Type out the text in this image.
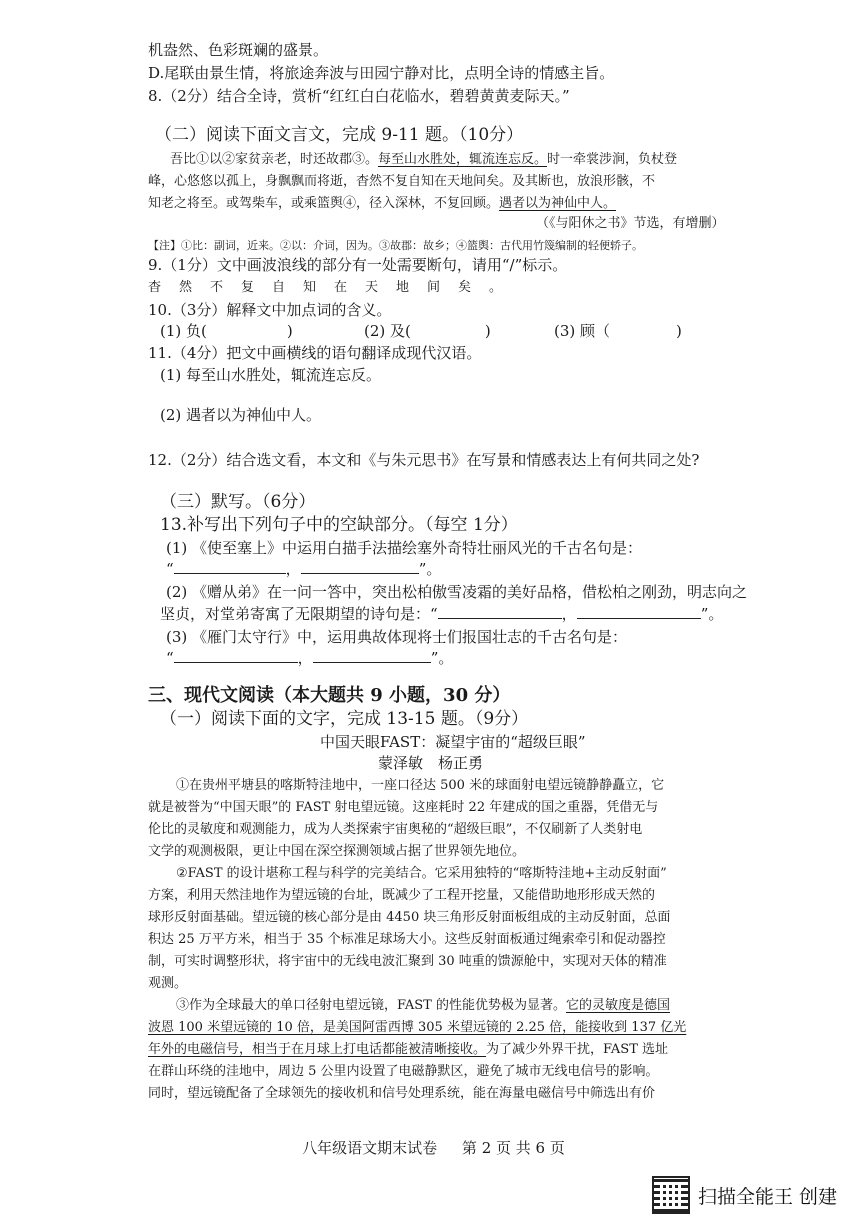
机盎然、色彩斑斓的盛景。
D.尾联由景生情，将旅途奔波与田园宁静对比，点明全诗的情感主旨。
8.（2分）结合全诗，赏析“红红白白花临水，碧碧黄黄麦际天。”
（二）阅读下面文言文，完成 9-11 题。（10分）
吾比①以②家贫亲老，时还故郡③。每至山水胜处，辄流连忘反。时一牵裳涉涧，负杖登
峰，心悠悠以孤上，身飘飘而将逝，杳然不复自知在天地间矣。及其断也，放浪形骸，不
知老之将至。或驾柴车，或乘篮舆④，径入深林，不复回顾。遇者以为神仙中人。
（《与阳休之书》节选，有增删）
【注】①比：副词，近来。②以：介词，因为。③故郡：故乡；④篮舆：古代用竹篾编制的轻便轿子。
9.（1分）文中画波浪线的部分有一处需要断句，请用“/”标示。
杳然不复自知在天地间矣。
10.（3分）解释文中加点词的含义。
(1) 负(	)	(2) 及(	)	(3) 顾（	)
11.（4分）把文中画横线的语句翻译成现代汉语。
(1) 每至山水胜处，辄流连忘反。
(2) 遇者以为神仙中人。
12.（2分）结合选文看，本文和《与朱元思书》在写景和情感表达上有何共同之处?
（三）默写。（6分）
13.补写出下列句子中的空缺部分。（每空 1分）
(1) 《使至塞上》中运用白描手法描绘塞外奇特壮丽风光的千古名句是：
“	，	”。
(2) 《赠从弟》在一问一答中，突出松柏傲雪凌霜的美好品格，借松柏之刚劲，明志向之
坚贞，对堂弟寄寓了无限期望的诗句是：“	，	”。
(3) 《雁门太守行》中，运用典故体现将士们报国壮志的千古名句是：
“	，	”。
三、现代文阅读（本大题共 9 小题，30 分）
（一）阅读下面的文字，完成 13-15 题。（9分）
中国天眼FAST：凝望宇宙的“超级巨眼”
蒙泽敏　杨正勇
①在贵州平塘县的喀斯特洼地中，一座口径达 500 米的球面射电望远镜静静矗立，它
就是被誉为“中国天眼”的 FAST 射电望远镜。这座耗时 22 年建成的国之重器，凭借无与
伦比的灵敏度和观测能力，成为人类探索宇宙奥秘的“超级巨眼”，不仅刷新了人类射电
文学的观测极限，更让中国在深空探测领域占据了世界领先地位。
②FAST 的设计堪称工程与科学的完美结合。它采用独特的“喀斯特洼地+主动反射面”
方案，利用天然洼地作为望远镜的台址，既减少了工程开挖量，又能借助地形形成天然的
球形反射面基础。望远镜的核心部分是由 4450 块三角形反射面板组成的主动反射面，总面
积达 25 万平方米，相当于 35 个标准足球场大小。这些反射面板通过绳索牵引和促动器控
制，可实时调整形状，将宇宙中的无线电波汇聚到 30 吨重的馈源舱中，实现对天体的精准
观测。
③作为全球最大的单口径射电望远镜，FAST 的性能优势极为显著。它的灵敏度是德国
波恩 100 米望远镜的 10 倍，是美国阿雷西博 305 米望远镜的 2.25 倍，能接收到 137 亿光
年外的电磁信号，相当于在月球上打电话都能被清晰接收。为了减少外界干扰，FAST 选址
在群山环绕的洼地中，周边 5 公里内设置了电磁静默区，避免了城市无线电信号的影响。
同时，望远镜配备了全球领先的接收机和信号处理系统，能在海量电磁信号中筛选出有价
八年级语文期末试卷 第 2 页 共 6 页
扫描全能王 创建
